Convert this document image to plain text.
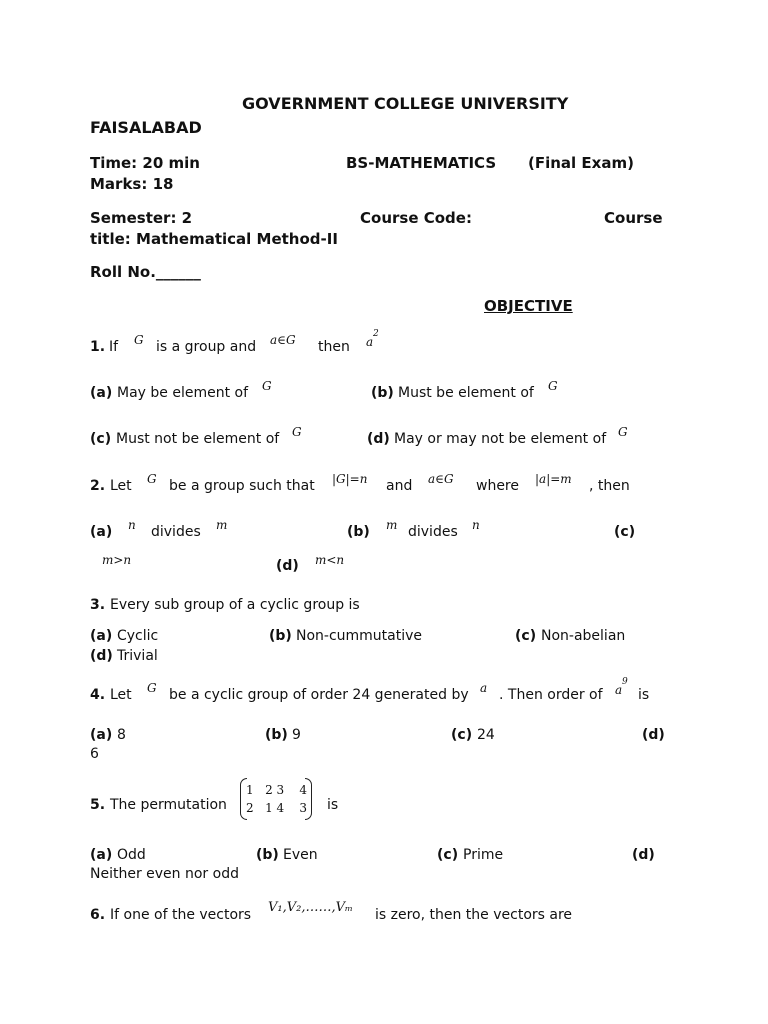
GOVERNMENT COLLEGE UNIVERSITY
FAISALABAD
Time: 20 min	BS-MATHEMATICS (Final Exam)
Marks: 18
Semester: 2	Course Code:	Course
title: Mathematical Method-II
Roll No.______
OBJECTIVE
1. If G is a group and a∈G then a
2
(a) May be element of G	(b) Must be element of G
(c) Must not be element of G	(d) May or may not be element of G
2. Let G be a group such that |G|=n and a∈G where |a|=m , then
(a) n divides m	(b) m divides n	(c)
m>n	(d) m<n
3. Every sub group of a cyclic group is
(a) Cyclic	(b) Non-cummutative	(c) Non-abelian
(d) Trivial
4. Let G be a cyclic group of order 24 generated by a . Then order of a
9
is
(a) 8	(b) 9	(c) 24	(d)
6
5. The permutation
1   2 3    4
2   1 4    3 is
(a) Odd	(b) Even	(c) Prime	(d)
Neither even nor odd
6. If one of the vectors V₁,V₂,……,Vₘ is zero, then the vectors are
